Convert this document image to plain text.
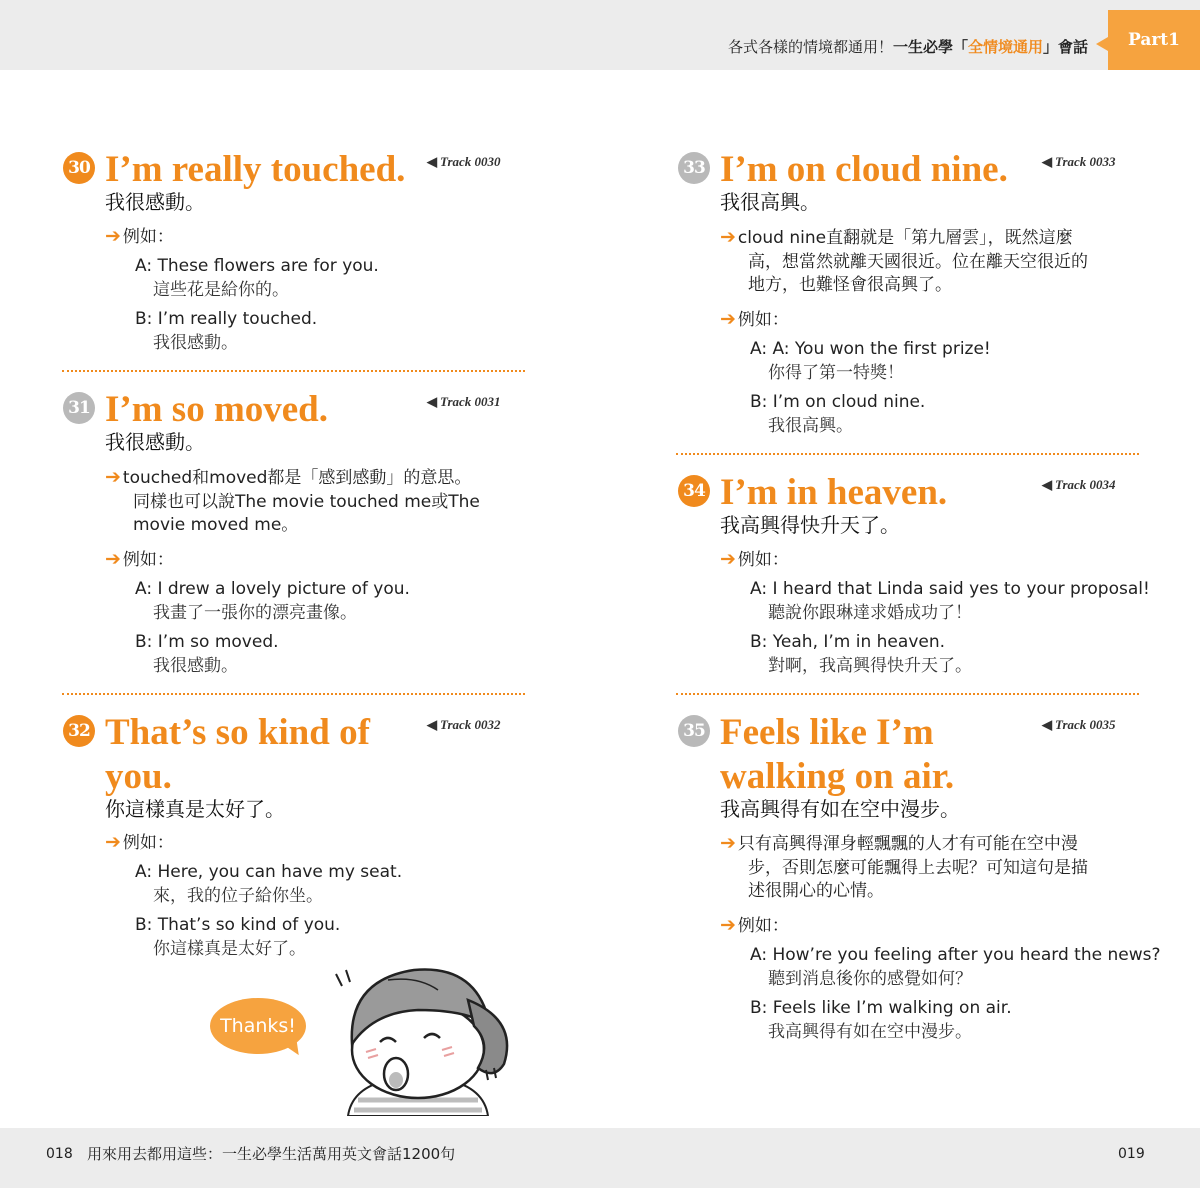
各式各樣的情境都通用！一生必學「全情境通用」會話	Part1
30 I’m really touched. ◀︎ Track 0030
我很感動。
➔ 例如：
A: These flowers are for you.
這些花是給你的。
B: I’m really touched.
我很感動。
31 I’m so moved.	◀︎ Track 0031
我很感動。
➔ touched和moved都是「感到感動」的意思。
同樣也可以說The movie touched me或The
movie moved me。
➔ 例如：
A: I drew a lovely picture of you.
我畫了一張你的漂亮畫像。
B: I’m so moved.
我很感動。
32 That’s so kind of
you.
◀︎ Track 0032
你這樣真是太好了。
➔ 例如：
A: Here, you can have my seat.
來，我的位子給你坐。
B: That’s so kind of you.
你這樣真是太好了。
33 I’m on cloud nine.	◀︎ Track 0033
我很高興。
➔ cloud nine直翻就是「第九層雲」，既然這麼
高，想當然就離天國很近。位在離天空很近的
地方，也難怪會很高興了。
➔ 例如：
A: A: You won the first prize!
你得了第一特獎！
B: I’m on cloud nine.
我很高興。
34 I’m in heaven.	◀︎ Track 0034
我高興得快升天了。
➔ 例如：
A: I heard that Linda said yes to your proposal!
聽說你跟琳達求婚成功了！
B: Yeah, I’m in heaven.
對啊，我高興得快升天了。
35 Feels like I’m
walking on air.
◀︎ Track 0035
我高興得有如在空中漫步。
➔ 只有高興得渾身輕飄飄的人才有可能在空中漫
步，否則怎麼可能飄得上去呢？可知這句是描
述很開心的心情。
➔ 例如：
A: How’re you feeling after you heard the news?
聽到消息後你的感覺如何？
B: Feels like I’m walking on air.
我高興得有如在空中漫步。
Thanks!
018 用來用去都用這些：一生必學生活萬用英文會話1200句	019
